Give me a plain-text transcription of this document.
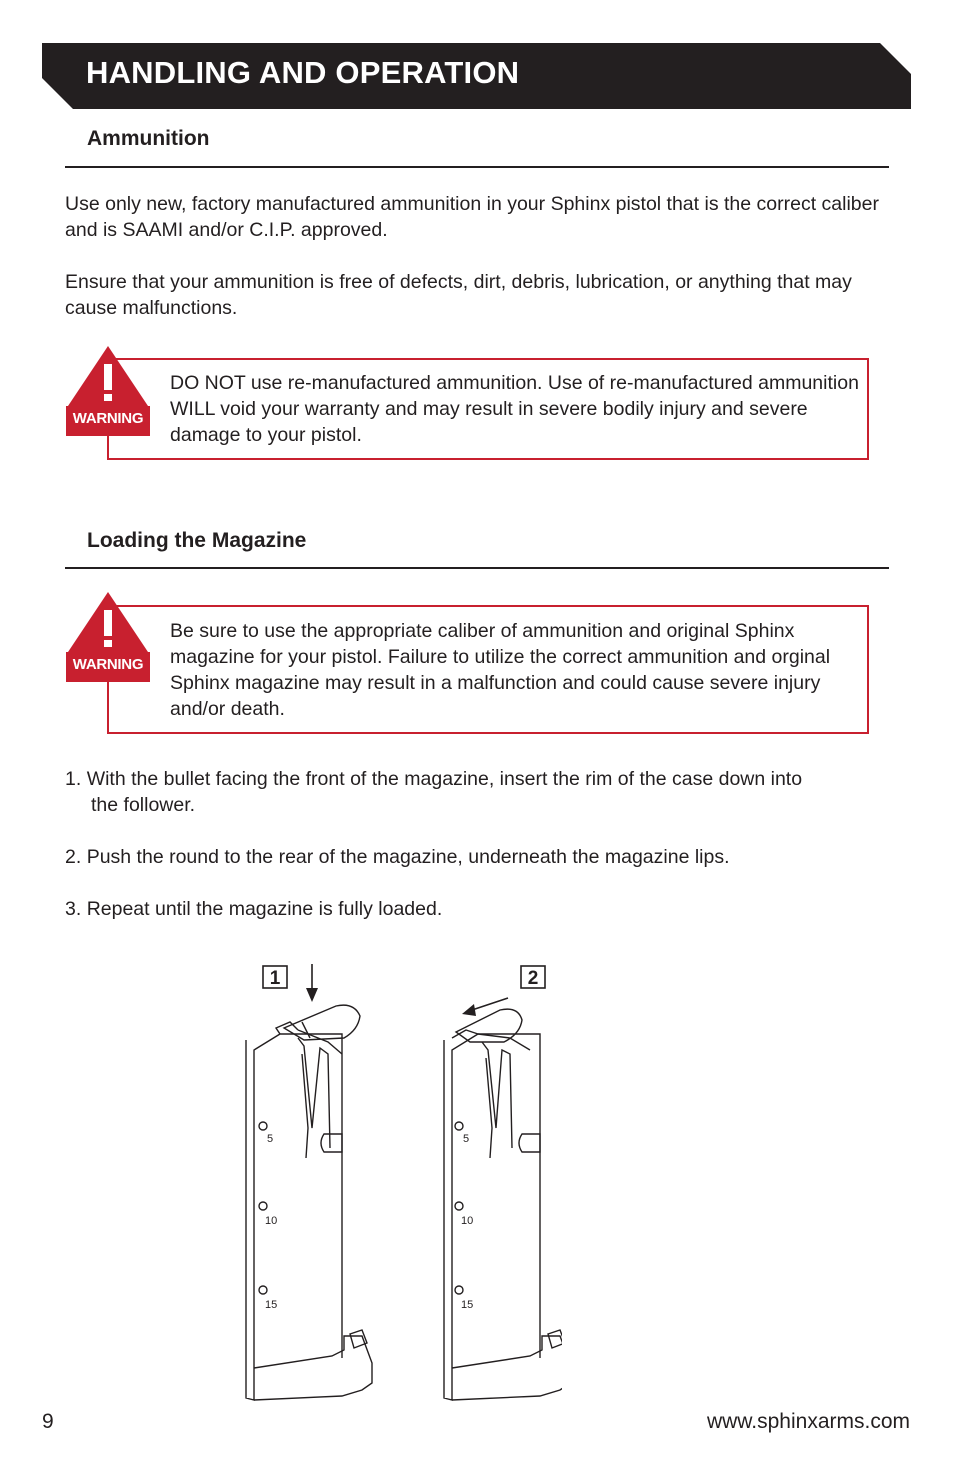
HANDLING AND OPERATION
Ammunition

Use only new, factory manufactured ammunition in your Sphinx pistol that is the correct caliber and is SAAMI and/or C.I.P. approved.

Ensure that your ammunition is free of defects, dirt, debris, lubrication, or anything that may cause malfunctions.

WARNING

DO NOT use re-manufactured ammunition. Use of re-manufactured ammunition WILL void your warranty and may result in severe bodily injury and severe damage to your pistol.

Loading the Magazine
WARNING

Be sure to use the appropriate caliber of ammunition and original Sphinx magazine for your pistol. Failure to utilize the correct ammunition and orginal Sphinx magazine may result in a malfunction and could cause severe injury and/or death.

1. With the bullet facing the front of the magazine, insert the rim of the case down into
the follower.

2. Push the round to the rear of the magazine, underneath the magazine lips.

3. Repeat until the magazine is fully loaded.

1
5
10
15
2
5
10
15

9	www.sphinxarms.com
